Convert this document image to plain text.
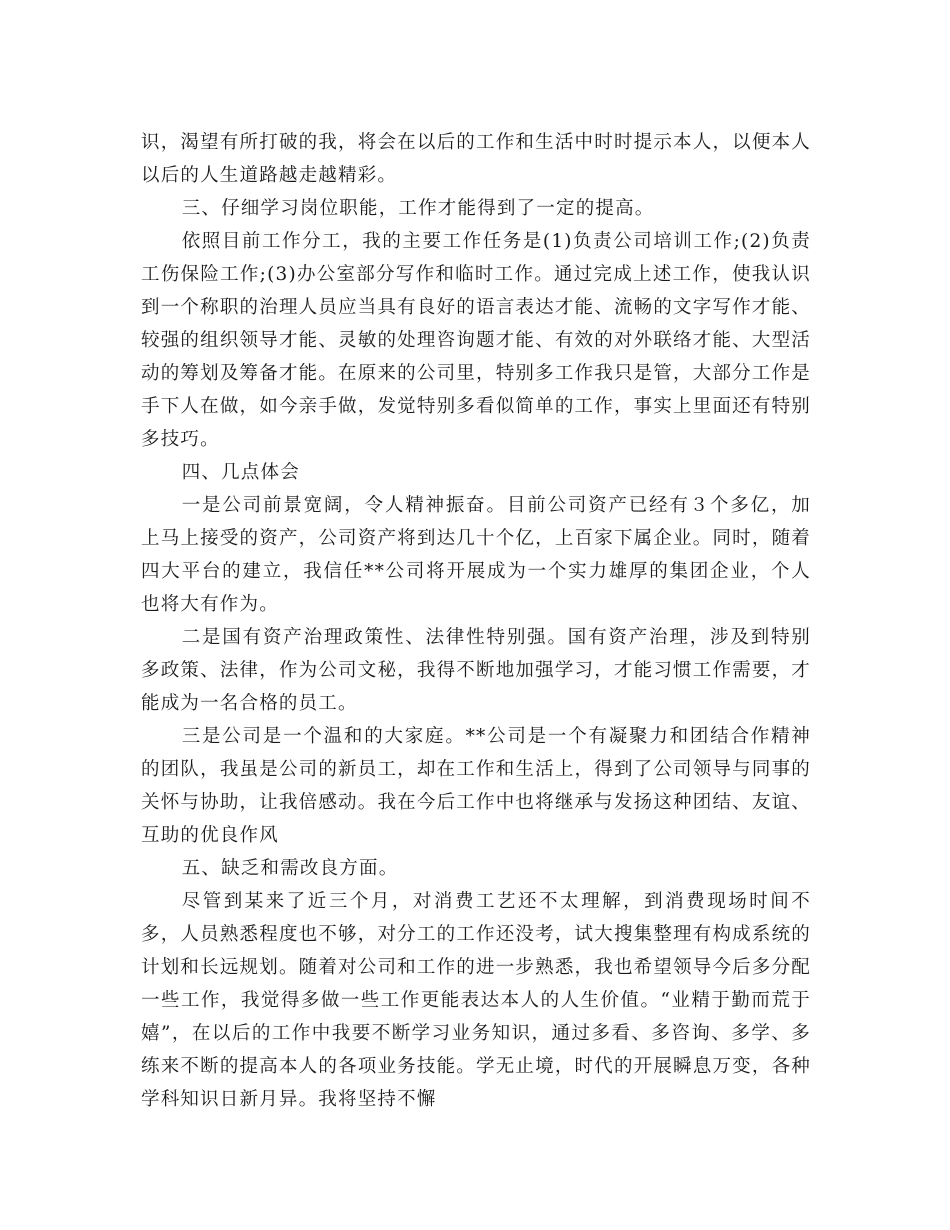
识，渴望有所打破的我，将会在以后的工作和生活中时时提示本人，以便本人以后的人生道路越走越精彩。

三、仔细学习岗位职能，工作才能得到了一定的提高。

依照目前工作分工，我的主要工作任务是(1)负责公司培训工作;(2)负责工伤保险工作;(3)办公室部分写作和临时工作。通过完成上述工作，使我认识到一个称职的治理人员应当具有良好的语言表达才能、流畅的文字写作才能、较强的组织领导才能、灵敏的处理咨询题才能、有效的对外联络才能、大型活动的筹划及筹备才能。在原来的公司里，特别多工作我只是管，大部分工作是手下人在做，如今亲手做，发觉特别多看似简单的工作，事实上里面还有特别多技巧。

四、几点体会

一是公司前景宽阔，令人精神振奋。目前公司资产已经有３个多亿，加上马上接受的资产，公司资产将到达几十个亿，上百家下属企业。同时，随着四大平台的建立，我信任**公司将开展成为一个实力雄厚的集团企业，个人也将大有作为。

二是国有资产治理政策性、法律性特别强。国有资产治理，涉及到特别多政策、法律，作为公司文秘，我得不断地加强学习，才能习惯工作需要，才能成为一名合格的员工。

三是公司是一个温和的大家庭。**公司是一个有凝聚力和团结合作精神的团队，我虽是公司的新员工，却在工作和生活上，得到了公司领导与同事的关怀与协助，让我倍感动。我在今后工作中也将继承与发扬这种团结、友谊、互助的优良作风

五、缺乏和需改良方面。

尽管到某来了近三个月，对消费工艺还不太理解，到消费现场时间不多，人员熟悉程度也不够，对分工的工作还没考，试大搜集整理有构成系统的计划和长远规划。随着对公司和工作的进一步熟悉，我也希望领导今后多分配一些工作，我觉得多做一些工作更能表达本人的人生价值。“业精于勤而荒于嬉”，在以后的工作中我要不断学习业务知识，通过多看、多咨询、多学、多练来不断的提高本人的各项业务技能。学无止境，时代的开展瞬息万变，各种学科知识日新月异。我将坚持不懈
